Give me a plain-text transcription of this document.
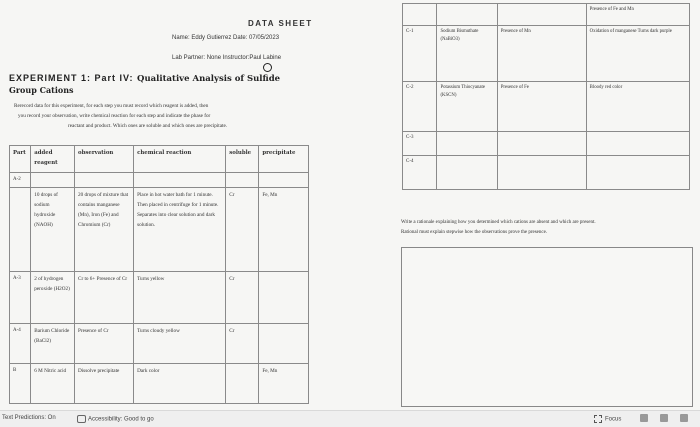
DATA SHEET
Name: Eddy Gutierrez Date: 07/05/2023
Lab Partner: None Instructor:Paul Labine
EXPERIMENT 1: Part IV: Qualitative Analysis of Sulfide
Group Cations

Rerecord data for this experiment, for each step you must record which reagent is added, then

you record your observation, write chemical reaction for each step and indicate the phase for

reactant and product. Which ones are soluble and which ones are precipitate.

Part	added reagent	observation	chemical reaction	soluble	precipitate
A-2					
	10 drops of sodium hydroxide (NAOH)	20 drops of mixture that contains manganese (Mn), Iron (Fe) and Chromium (Cr)	Place in hot water bath for 1 minute. Then placed in centrifuge for 1 minute. Separates into clear solution and dark solution.	Cr	Fe, Mn
A-3	2 of hydrogen peroxide (H2O2)	Cr to 6+ Presence of Cr	Turns yellow	Cr	
A-4	Barium Chloride (BaCl2)	Presence of Cr	Turns cloudy yellow	Cr	
B	6 M Nitric acid	Dissolve precipitate	Dark color		Fe, Mn
			Presence of Fe and Mn
C-1	Sodium Bismuthate (NaBiO3)	Presence of Mn	Oxidation of manganese Turns dark purple
C-2	Potassium Thiocyanate (KSCN)	Presence of Fe	Bloody red color
C-3			
C-4			
Write a rationale explaining how you determined which cations are absent and which are present.
Rational must explain stepwise how the observations prove the presence.
Text Predictions: On	Accessibility: Good to go	Focus
